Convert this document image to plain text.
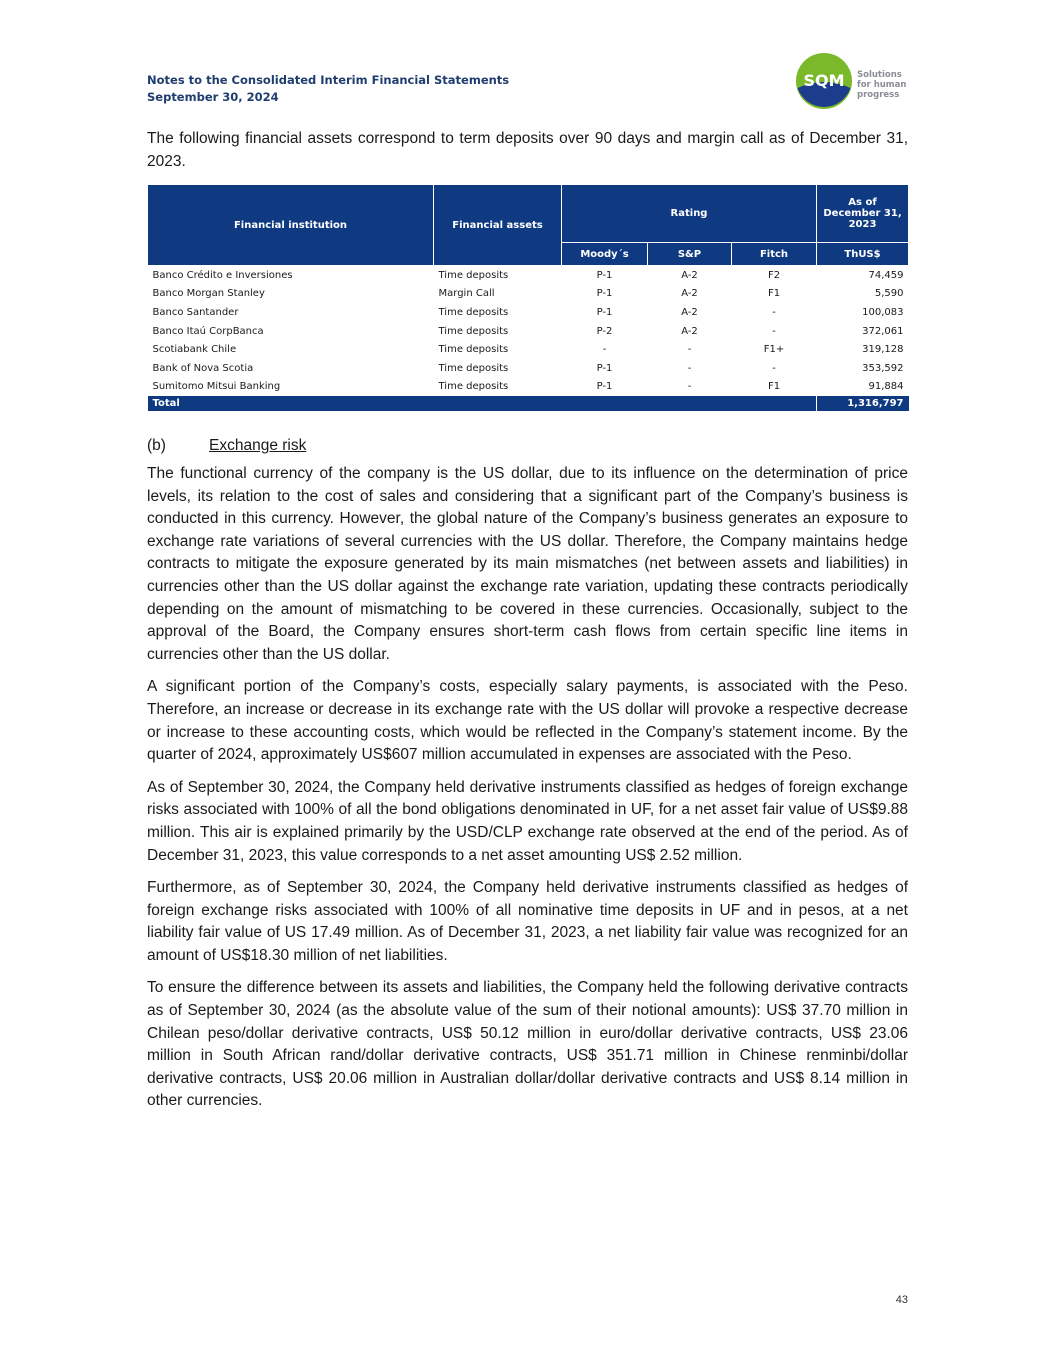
Notes to the Consolidated Interim Financial Statements
September 30, 2024
SQM Solutions
for human
progress

The following financial assets correspond to term deposits over 90 days and margin call as of December 31, 2023.

Financial institution	Financial assets	Rating			As of December 31, 2023
		Moody´s	S&P	Fitch	ThUS$
Banco Crédito e Inversiones	Time deposits	P-1	A-2	F2	74,459
Banco Morgan Stanley	Margin Call	P-1	A-2	F1	5,590
Banco Santander	Time deposits	P-1	A-2	-	100,083
Banco Itaú CorpBanca	Time deposits	P-2	A-2	-	372,061
Scotiabank Chile	Time deposits	-	-	F1+	319,128
Bank of Nova Scotia	Time deposits	P-1	-	-	353,592
Sumitomo Mitsui Banking	Time deposits	P-1	-	F1	91,884
Total					1,316,797
(b)	Exchange risk

The functional currency of the company is the US dollar, due to its influence on the determination of price levels, its relation to the cost of sales and considering that a significant part of the Company’s business is conducted in this currency. However, the global nature of the Company’s business generates an exposure to exchange rate variations of several currencies with the US dollar. Therefore, the Company maintains hedge contracts to mitigate the exposure generated by its main mismatches (net between assets and liabilities) in currencies other than the US dollar against the exchange rate variation, updating these contracts periodically depending on the amount of mismatching to be covered in these currencies. Occasionally, subject to the approval of the Board, the Company ensures short-term cash flows from certain specific line items in currencies other than the US dollar.

A significant portion of the Company’s costs, especially salary payments, is associated with the Peso. Therefore, an increase or decrease in its exchange rate with the US dollar will provoke a respective decrease or increase to these accounting costs, which would be reflected in the Company’s statement income. By the quarter of 2024, approximately US$607 million accumulated in expenses are associated with the Peso.

As of September 30, 2024, the Company held derivative instruments classified as hedges of foreign exchange risks associated with 100% of all the bond obligations denominated in UF, for a net asset fair value of US$9.88 million. This air is explained primarily by the USD/CLP exchange rate observed at the end of the period. As of December 31, 2023, this value corresponds to a net asset amounting US$ 2.52 million.

Furthermore, as of September 30, 2024, the Company held derivative instruments classified as hedges of foreign exchange risks associated with 100% of all nominative time deposits in UF and in pesos, at a net liability fair value of US 17.49 million. As of December 31, 2023, a net liability fair value was recognized for an amount of US$18.30 million of net liabilities.

To ensure the difference between its assets and liabilities, the Company held the following derivative contracts as of September 30, 2024 (as the absolute value of the sum of their notional amounts): US$ 37.70 million in Chilean peso/dollar derivative contracts, US$ 50.12 million in euro/dollar derivative contracts, US$ 23.06 million in South African rand/dollar derivative contracts, US$ 351.71 million in Chinese renminbi/dollar derivative contracts, US$ 20.06 million in Australian dollar/dollar derivative contracts and US$ 8.14 million in other currencies.

43
